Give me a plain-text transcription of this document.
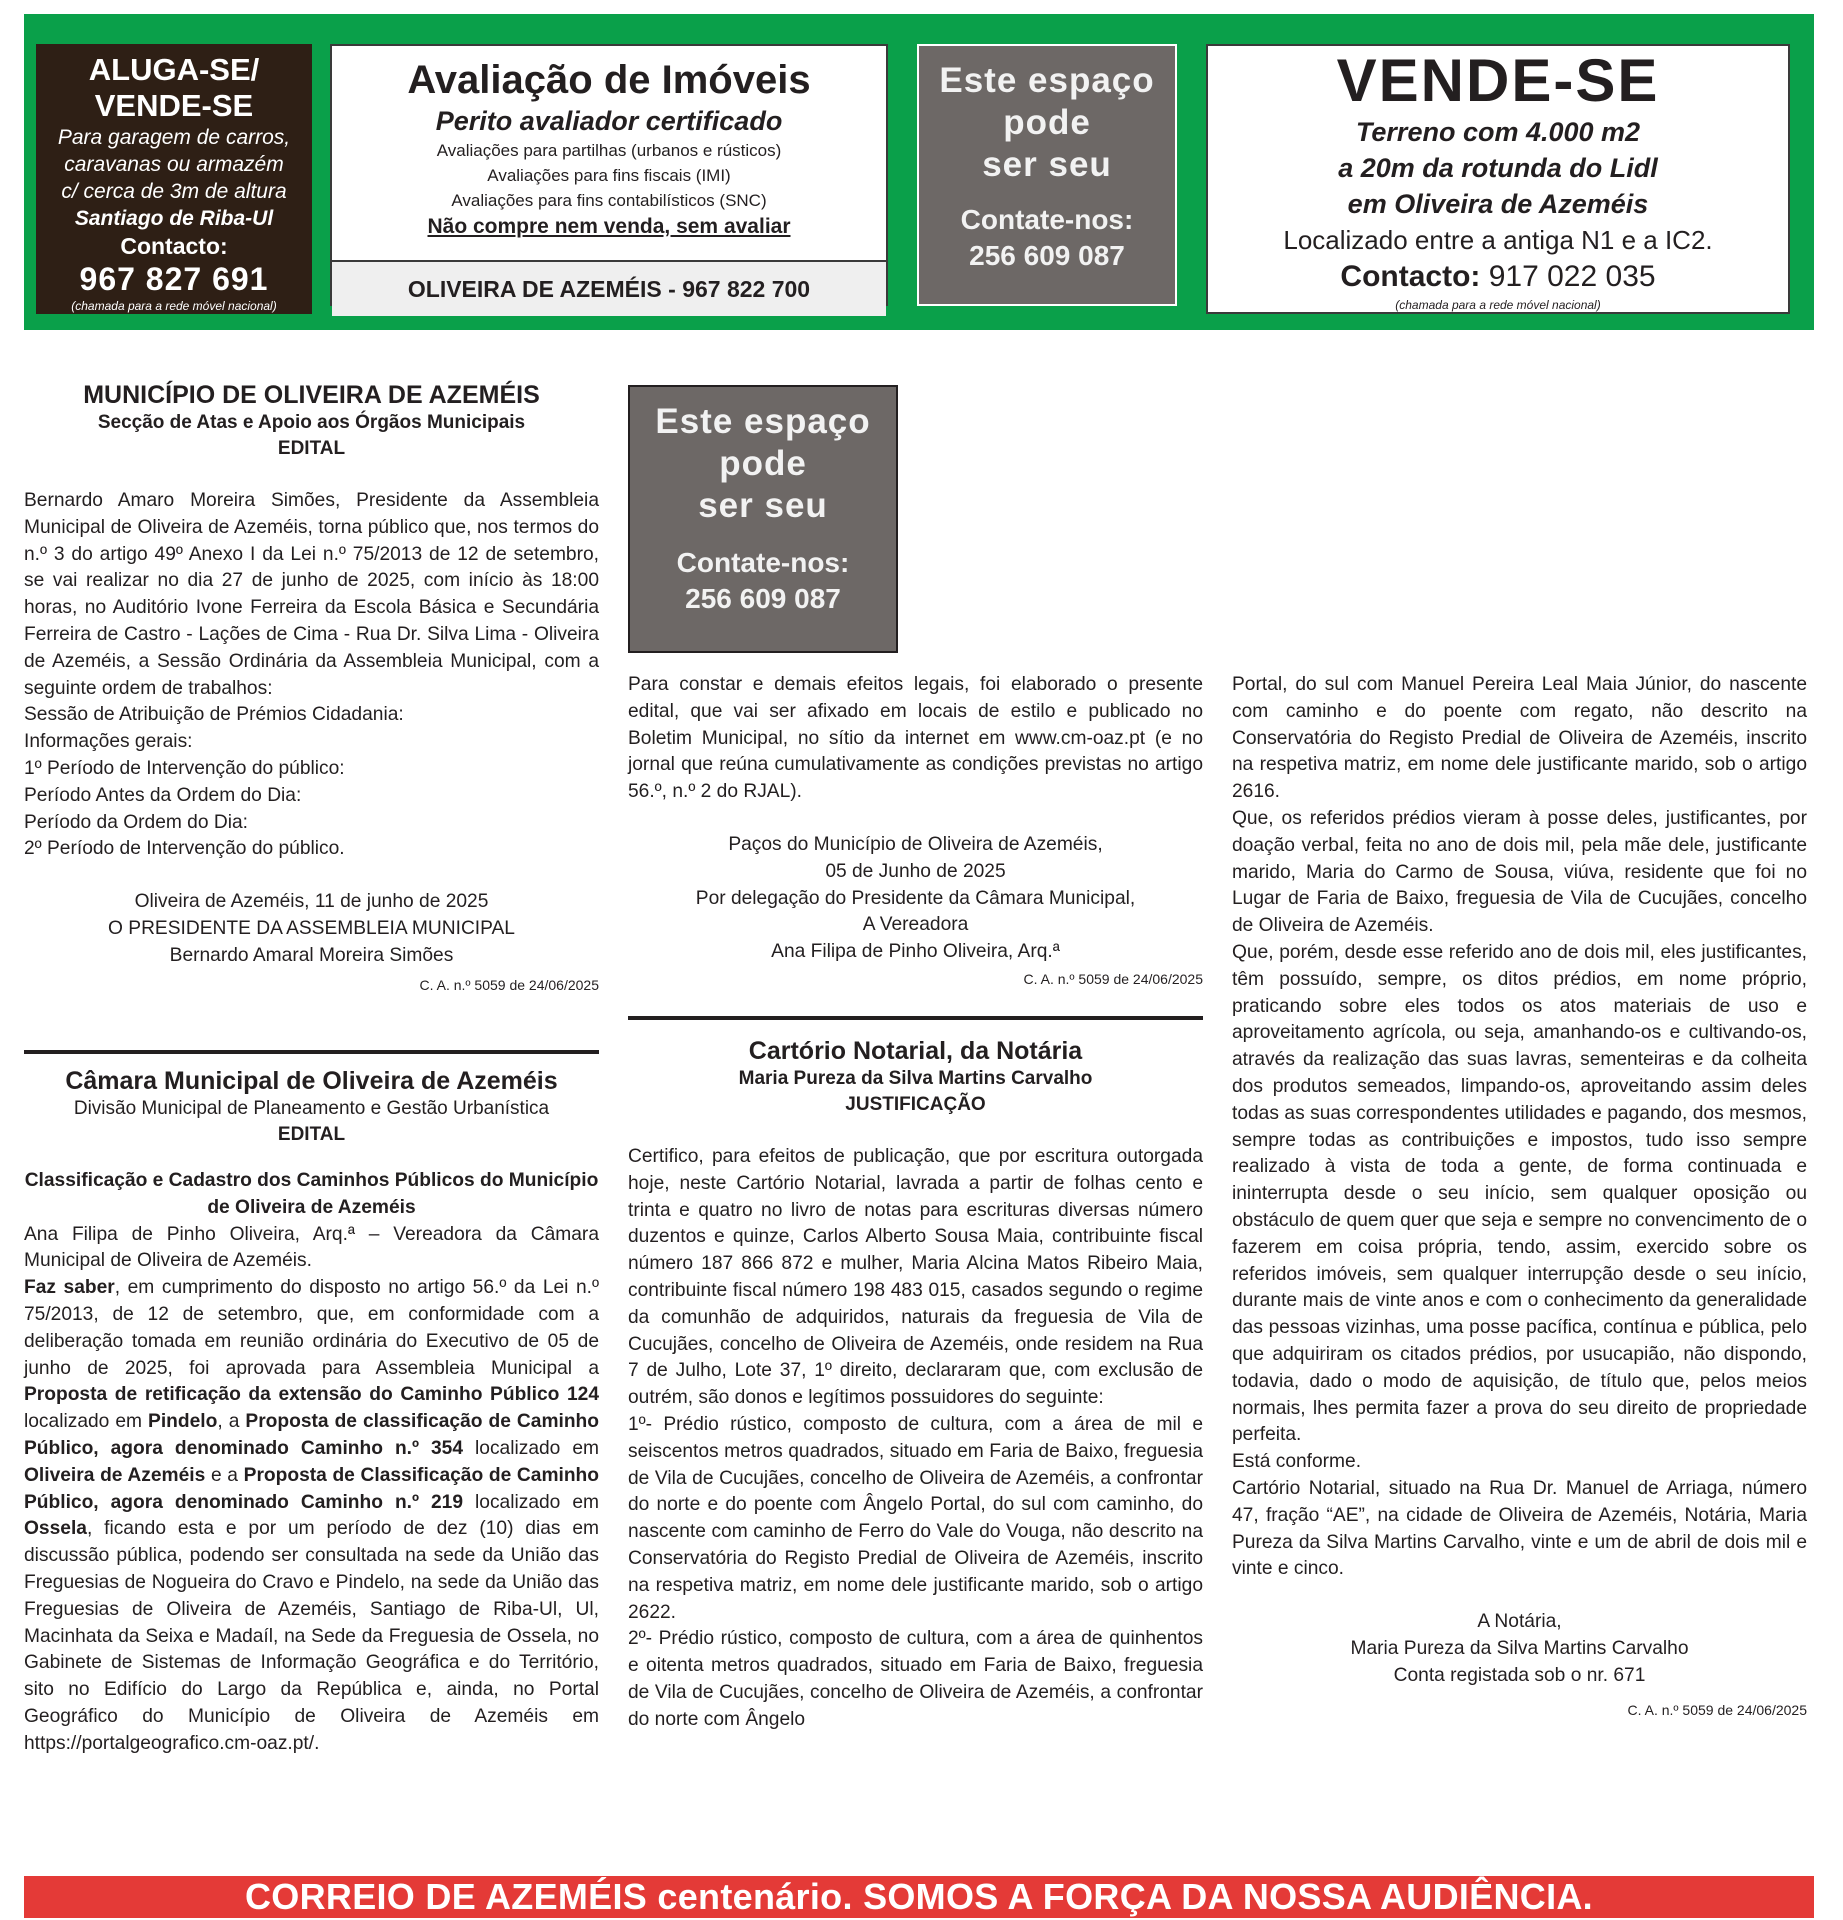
ALUGA-SE/
VENDE-SE
Para garagem de carros,
caravanas ou armazém
c/ cerca de 3m de altura
Santiago de Riba-Ul
Contacto:
967 827 691
(chamada para a rede móvel nacional)
Avaliação de Imóveis
Perito avaliador certificado
Avaliações para partilhas (urbanos e rústicos)
Avaliações para fins fiscais (IMI)
Avaliações para fins contabilísticos (SNC)
Não compre nem venda, sem avaliar
OLIVEIRA DE AZEMÉIS - 967 822 700
Este espaço
pode
ser seu
Contate-nos:
256 609 087
VENDE-SE
Terreno com 4.000 m2
a 20m da rotunda do Lidl
em Oliveira de Azeméis
Localizado entre a antiga N1 e a IC2.
Contacto: 917 022 035
(chamada para a rede móvel nacional)
MUNICÍPIO DE OLIVEIRA DE AZEMÉIS
Secção de Atas e Apoio aos Órgãos Municipais
EDITAL

Bernardo Amaro Moreira Simões, Presidente da Assembleia Municipal de Oliveira de Azeméis, torna público que, nos termos do n.º 3 do artigo 49º Anexo I da Lei n.º 75/2013 de 12 de setembro, se vai realizar no dia 27 de junho de 2025, com início às 18:00 horas, no Auditório Ivone Ferreira da Escola Básica e Secundária Ferreira de Castro - Lações de Cima - Rua Dr. Silva Lima - Oliveira de Azeméis, a Sessão Ordinária da Assembleia Municipal, com a seguinte ordem de trabalhos:

Sessão de Atribuição de Prémios Cidadania:

Informações gerais:

1º Período de Intervenção do público:

Período Antes da Ordem do Dia:

Período da Ordem do Dia:

2º Período de Intervenção do público.

Oliveira de Azeméis, 11 de junho de 2025

O PRESIDENTE DA ASSEMBLEIA MUNICIPAL

Bernardo Amaral Moreira Simões

C. A. n.º 5059 de 24/06/2025
Câmara Municipal de Oliveira de Azeméis
Divisão Municipal de Planeamento e Gestão Urbanística
EDITAL
Classificação e Cadastro dos Caminhos Públicos do Município de Oliveira de Azeméis

Ana Filipa de Pinho Oliveira, Arq.ª – Vereadora da Câmara Municipal de Oliveira de Azeméis.

Faz saber, em cumprimento do disposto no artigo 56.º da Lei n.º 75/2013, de 12 de setembro, que, em conformidade com a deliberação tomada em reunião ordinária do Executivo de 05 de junho de 2025, foi aprovada para Assembleia Municipal a Proposta de retificação da extensão do Caminho Público 124 localizado em Pindelo, a Proposta de classificação de Caminho Público, agora denominado Caminho n.º 354 localizado em Oliveira de Azeméis e a Proposta de Classificação de Caminho Público, agora denominado Caminho n.º 219 localizado em Ossela, ficando esta e por um período de dez (10) dias em discussão pública, podendo ser consultada na sede da União das Freguesias de Nogueira do Cravo e Pindelo, na sede da União das Freguesias de Oliveira de Azeméis, Santiago de Riba-Ul, Ul, Macinhata da Seixa e Madaíl, na Sede da Freguesia de Ossela, no Gabinete de Sistemas de Informação Geográfica e do Território, sito no Edifício do Largo da República e, ainda, no Portal Geográfico do Município de Oliveira de Azeméis em https://portalgeografico.cm-oaz.pt/.

Este espaço
pode
ser seu
Contate-nos:
256 609 087

Para constar e demais efeitos legais, foi elaborado o presente edital, que vai ser afixado em locais de estilo e publicado no Boletim Municipal, no sítio da internet em www.cm-oaz.pt (e no jornal que reúna cumulativamente as condições previstas no artigo 56.º, n.º 2 do RJAL).

Paços do Município de Oliveira de Azeméis,

05 de Junho de 2025

Por delegação do Presidente da Câmara Municipal,

A Vereadora

Ana Filipa de Pinho Oliveira, Arq.ª

C. A. n.º 5059 de 24/06/2025
Cartório Notarial, da Notária
Maria Pureza da Silva Martins Carvalho
JUSTIFICAÇÃO

Certifico, para efeitos de publicação, que por escritura outorgada hoje, neste Cartório Notarial, lavrada a partir de folhas cento e trinta e quatro no livro de notas para escrituras diversas número duzentos e quinze, Carlos Alberto Sousa Maia, contribuinte fiscal número 187 866 872 e mulher, Maria Alcina Matos Ribeiro Maia, contribuinte fiscal número 198 483 015, casados segundo o regime da comunhão de adquiridos, naturais da freguesia de Vila de Cucujães, concelho de Oliveira de Azeméis, onde residem na Rua 7 de Julho, Lote 37, 1º direito, declararam que, com exclusão de outrém, são donos e legítimos possuidores do seguinte:

1º- Prédio rústico, composto de cultura, com a área de mil e seiscentos metros quadrados, situado em Faria de Baixo, freguesia de Vila de Cucujães, concelho de Oliveira de Azeméis, a confrontar do norte e do poente com Ângelo Portal, do sul com caminho, do nascente com caminho de Ferro do Vale do Vouga, não descrito na Conservatória do Registo Predial de Oliveira de Azeméis, inscrito na respetiva matriz, em nome dele justificante marido, sob o artigo 2622.

2º- Prédio rústico, composto de cultura, com a área de quinhentos e oitenta metros quadrados, situado em Faria de Baixo, freguesia de Vila de Cucujães, concelho de Oliveira de Azeméis, a confrontar do norte com Ângelo

Portal, do sul com Manuel Pereira Leal Maia Júnior, do nascente com caminho e do poente com regato, não descrito na Conservatória do Registo Predial de Oliveira de Azeméis, inscrito na respetiva matriz, em nome dele justificante marido, sob o artigo 2616.

Que, os referidos prédios vieram à posse deles, justificantes, por doação verbal, feita no ano de dois mil, pela mãe dele, justificante marido, Maria do Carmo de Sousa, viúva, residente que foi no Lugar de Faria de Baixo, freguesia de Vila de Cucujães, concelho de Oliveira de Azeméis.

Que, porém, desde esse referido ano de dois mil, eles justificantes, têm possuído, sempre, os ditos prédios, em nome próprio, praticando sobre eles todos os atos materiais de uso e aproveitamento agrícola, ou seja, amanhando-os e cultivando-os, através da realização das suas lavras, sementeiras e da colheita dos produtos semeados, limpando-os, aproveitando assim deles todas as suas correspondentes utilidades e pagando, dos mesmos, sempre todas as contribuições e impostos, tudo isso sempre realizado à vista de toda a gente, de forma continuada e ininterrupta desde o seu início, sem qualquer oposição ou obstáculo de quem quer que seja e sempre no convencimento de o fazerem em coisa própria, tendo, assim, exercido sobre os referidos imóveis, sem qualquer interrupção desde o seu início, durante mais de vinte anos e com o conhecimento da generalidade das pessoas vizinhas, uma posse pacífica, contínua e pública, pelo que adquiriram os citados prédios, por usucapião, não dispondo, todavia, dado o modo de aquisição, de título que, pelos meios normais, lhes permita fazer a prova do seu direito de propriedade perfeita.

Está conforme.

Cartório Notarial, situado na Rua Dr. Manuel de Arriaga, número 47, fração “AE”, na cidade de Oliveira de Azeméis, Notária, Maria Pureza da Silva Martins Carvalho, vinte e um de abril de dois mil e vinte e cinco.

A Notária,

Maria Pureza da Silva Martins Carvalho

Conta registada sob o nr. 671

C. A. n.º 5059 de 24/06/2025
CORREIO DE AZEMÉIS centenário. SOMOS A FORÇA DA NOSSA AUDIÊNCIA.
